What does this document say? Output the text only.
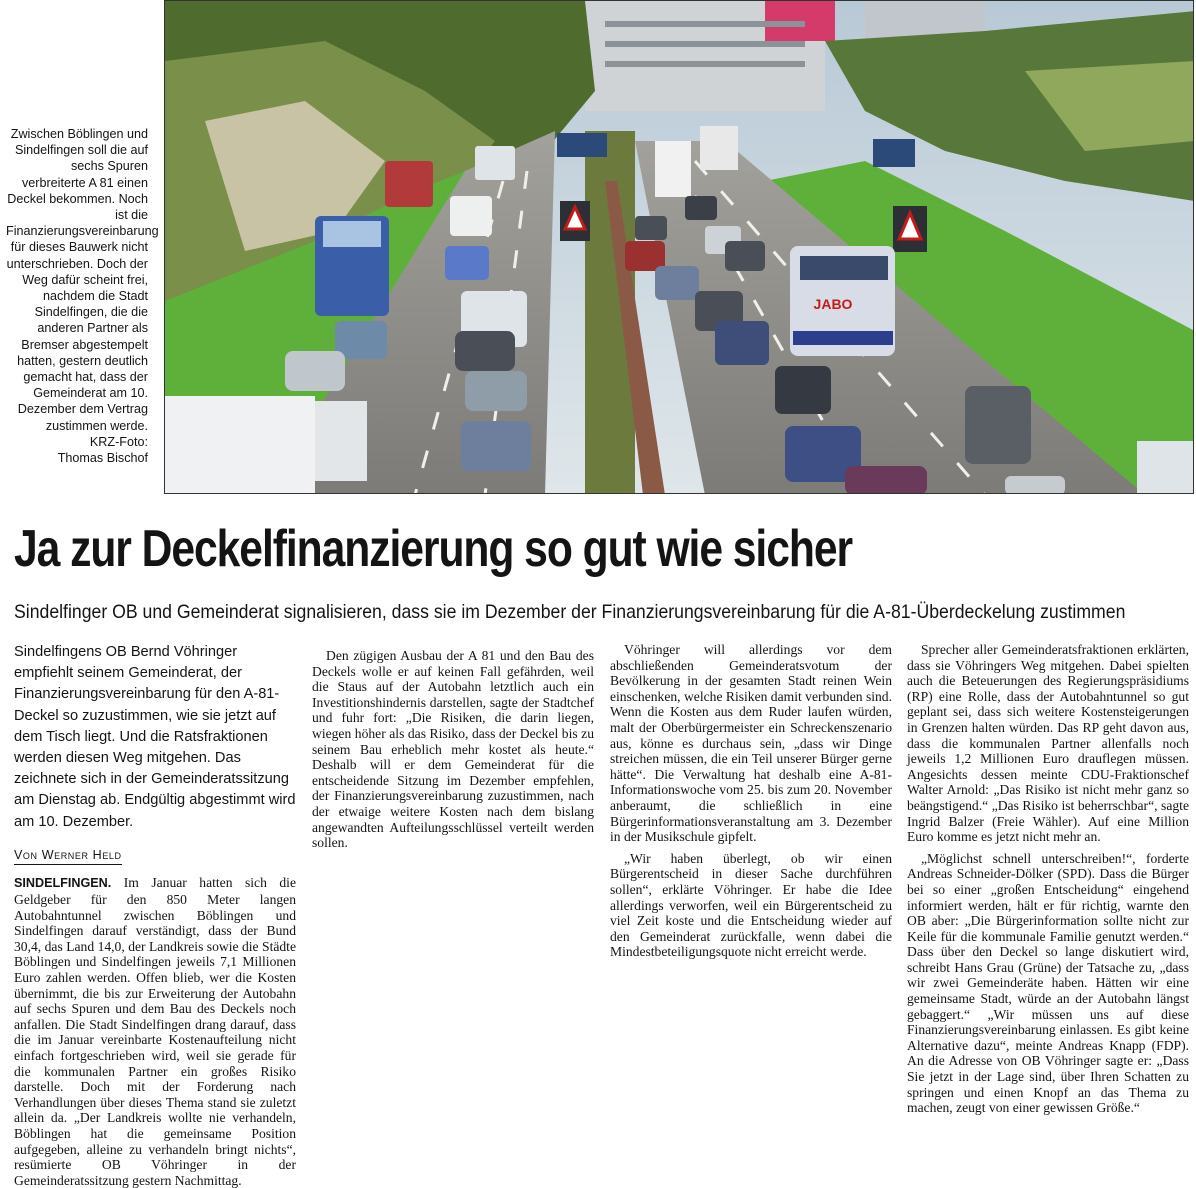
Zwischen Böblingen und Sindelfingen soll die auf sechs Spuren verbreiterte A 81 einen Deckel bekommen. Noch ist die Finanzierungsvereinbarung für dieses Bauwerk nicht unterschrieben. Doch der Weg dafür scheint frei, nachdem die Stadt Sindelfingen, die die anderen Partner als Bremser abgestempelt hatten, gestern deutlich gemacht hat, dass der Gemeinderat am 10. Dezember dem Vertrag zustimmen werde.
KRZ-Foto:
Thomas Bischof
JABO
Ja zur Deckelfinanzierung so gut wie sicher
Sindelfinger OB und Gemeinderat signalisieren, dass sie im Dezember der Finanzierungsvereinbarung für die A-81-Überdeckelung zustimmen

Sindelfingens OB Bernd Vöhringer empfiehlt seinem Gemeinderat, der Finanzierungsvereinbarung für den A-81-Deckel so zuzustimmen, wie sie jetzt auf dem Tisch liegt. Und die Ratsfraktionen werden diesen Weg mitgehen. Das zeichnete sich in der Gemeinderatssitzung am Dienstag ab. Endgültig abgestimmt wird am 10. Dezember.

Von Werner Held

SINDELFINGEN. Im Januar hatten sich die Geldgeber für den 850 Meter langen Autobahntunnel zwischen Böblingen und Sindelfingen darauf verständigt, dass der Bund 30,4, das Land 14,0, der Landkreis sowie die Städte Böblingen und Sindelfingen jeweils 7,1 Millionen Euro zahlen werden. Offen blieb, wer die Kosten übernimmt, die bis zur Erweiterung der Autobahn auf sechs Spuren und dem Bau des Deckels noch anfallen. Die Stadt Sindelfingen drang darauf, dass die im Januar vereinbarte Kostenaufteilung nicht einfach fortgeschrieben wird, weil sie gerade für die kommunalen Partner ein großes Risiko darstelle. Doch mit der Forderung nach Verhandlungen über dieses Thema stand sie zuletzt allein da. „Der Landkreis wollte nie verhandeln, Böblingen hat die gemeinsame Position aufgegeben, alleine zu verhandeln bringt nichts“, resümierte OB Vöhringer in der Gemeinderatssitzung gestern Nachmittag.

Den zügigen Ausbau der A 81 und den Bau des Deckels wolle er auf keinen Fall gefährden, weil die Staus auf der Autobahn letztlich auch ein Investitionshindernis darstellen, sagte der Stadtchef und fuhr fort: „Die Risiken, die darin liegen, wiegen höher als das Risiko, dass der Deckel bis zu seinem Bau erheblich mehr kostet als heute.“ Deshalb will er dem Gemeinderat für die entscheidende Sitzung im Dezember empfehlen, der Finanzierungsvereinbarung zuzustimmen, nach der etwaige weitere Kosten nach dem bislang angewandten Aufteilungsschlüssel verteilt werden sollen.

Vöhringer will allerdings vor dem abschließenden Gemeinderatsvotum der Bevölkerung in der gesamten Stadt reinen Wein einschenken, welche Risiken damit verbunden sind. Wenn die Kosten aus dem Ruder laufen würden, malt der Oberbürgermeister ein Schreckenszenario aus, könne es durchaus sein, „dass wir Dinge streichen müssen, die ein Teil unserer Bürger gerne hätte“. Die Verwaltung hat deshalb eine A-81-Informationswoche vom 25. bis zum 20. November anberaumt, die schließlich in eine Bürgerinformationsveranstaltung am 3. Dezember in der Musikschule gipfelt.

„Wir haben überlegt, ob wir einen Bürgerentscheid in dieser Sache durchführen sollen“, erklärte Vöhringer. Er habe die Idee allerdings verworfen, weil ein Bürgerentscheid zu viel Zeit koste und die Entscheidung wieder auf den Gemeinderat zurückfalle, wenn dabei die Mindestbeteiligungsquote nicht erreicht werde.

Sprecher aller Gemeinderatsfraktionen erklärten, dass sie Vöhringers Weg mitgehen. Dabei spielten auch die Beteuerungen des Regierungspräsidiums (RP) eine Rolle, dass der Autobahntunnel so gut geplant sei, dass sich weitere Kostensteigerungen in Grenzen halten würden. Das RP geht davon aus, dass die kommunalen Partner allenfalls noch jeweils 1,2 Millionen Euro drauflegen müssen. Angesichts dessen meinte CDU-Fraktionschef Walter Arnold: „Das Risiko ist nicht mehr ganz so beängstigend.“ „Das Risiko ist beherrschbar“, sagte Ingrid Balzer (Freie Wähler). Auf eine Million Euro komme es jetzt nicht mehr an.

„Möglichst schnell unterschreiben!“, forderte Andreas Schneider-Dölker (SPD). Dass die Bürger bei so einer „großen Entscheidung“ eingehend informiert werden, hält er für richtig, warnte den OB aber: „Die Bürgerinformation sollte nicht zur Keile für die kommunale Familie genutzt werden.“ Dass über den Deckel so lange diskutiert wird, schreibt Hans Grau (Grüne) der Tatsache zu, „dass wir zwei Gemeinderäte haben. Hätten wir eine gemeinsame Stadt, würde an der Autobahn längst gebaggert.“ „Wir müssen uns auf diese Finanzierungsvereinbarung einlassen. Es gibt keine Alternative dazu“, meinte Andreas Knapp (FDP). An die Adresse von OB Vöhringer sagte er: „Dass Sie jetzt in der Lage sind, über Ihren Schatten zu springen und einen Knopf an das Thema zu machen, zeugt von einer gewissen Größe.“
